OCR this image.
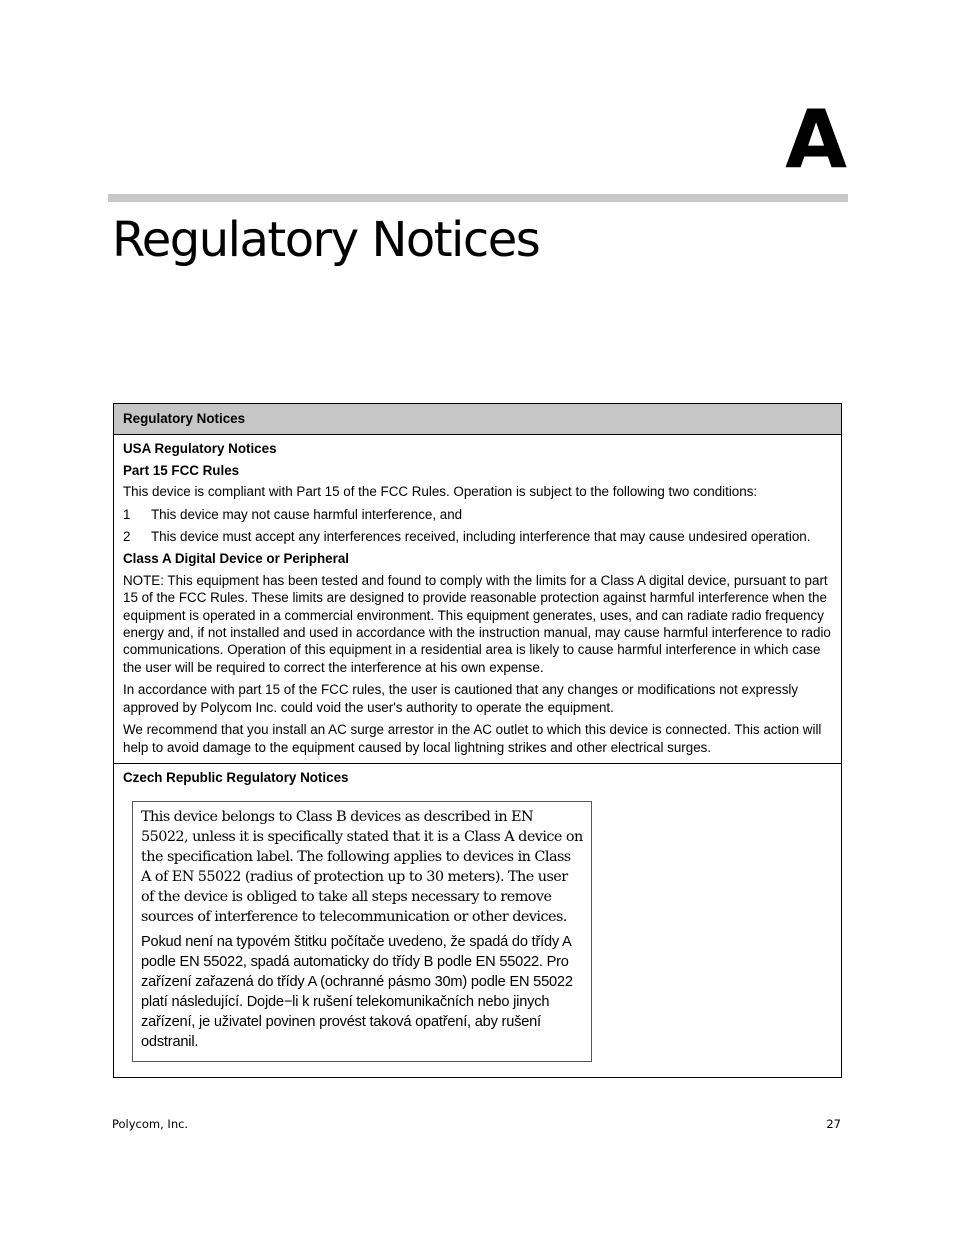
A
Regulatory Notices
Regulatory Notices
USA Regulatory Notices
Part 15 FCC Rules

This device is compliant with Part 15 of the FCC Rules. Operation is subject to the following two conditions:

1	This device may not cause harmful interference, and
2	This device must accept any interferences received, including interference that may cause undesired operation.
Class A Digital Device or Peripheral

NOTE: This equipment has been tested and found to comply with the limits for a Class A digital device, pursuant to part 15 of the FCC Rules. These limits are designed to provide reasonable protection against harmful interference when the equipment is operated in a commercial environment. This equipment generates, uses, and can radiate radio frequency energy and, if not installed and used in accordance with the instruction manual, may cause harmful interference to radio communications. Operation of this equipment in a residential area is likely to cause harmful interference in which case the user will be required to correct the interference at his own expense.

In accordance with part 15 of the FCC rules, the user is cautioned that any changes or modifications not expressly approved by Polycom Inc. could void the user's authority to operate the equipment.

We recommend that you install an AC surge arrestor in the AC outlet to which this device is connected. This action will help to avoid damage to the equipment caused by local lightning strikes and other electrical surges.

Czech Republic Regulatory Notices

This device belongs to Class B devices as described in EN 55022, unless it is specifically stated that it is a Class A device on the specification label. The following applies to devices in Class A of EN 55022 (radius of protection up to 30 meters). The user of the device is obliged to take all steps necessary to remove sources of interference to telecommunication or other devices.

Pokud není na typovém štitku počítače uvedeno, že spadá do třídy A podle EN 55022, spadá automaticky do třídy B podle EN 55022. Pro zařízení zařazená do třídy A (ochranné pásmo 30m) podle EN 55022 platí následující. Dojde−li k rušení telekomunikačních nebo jinych zařízení, je uživatel povinen provést taková opatření, aby rušení odstranil.

Polycom, Inc.	27
